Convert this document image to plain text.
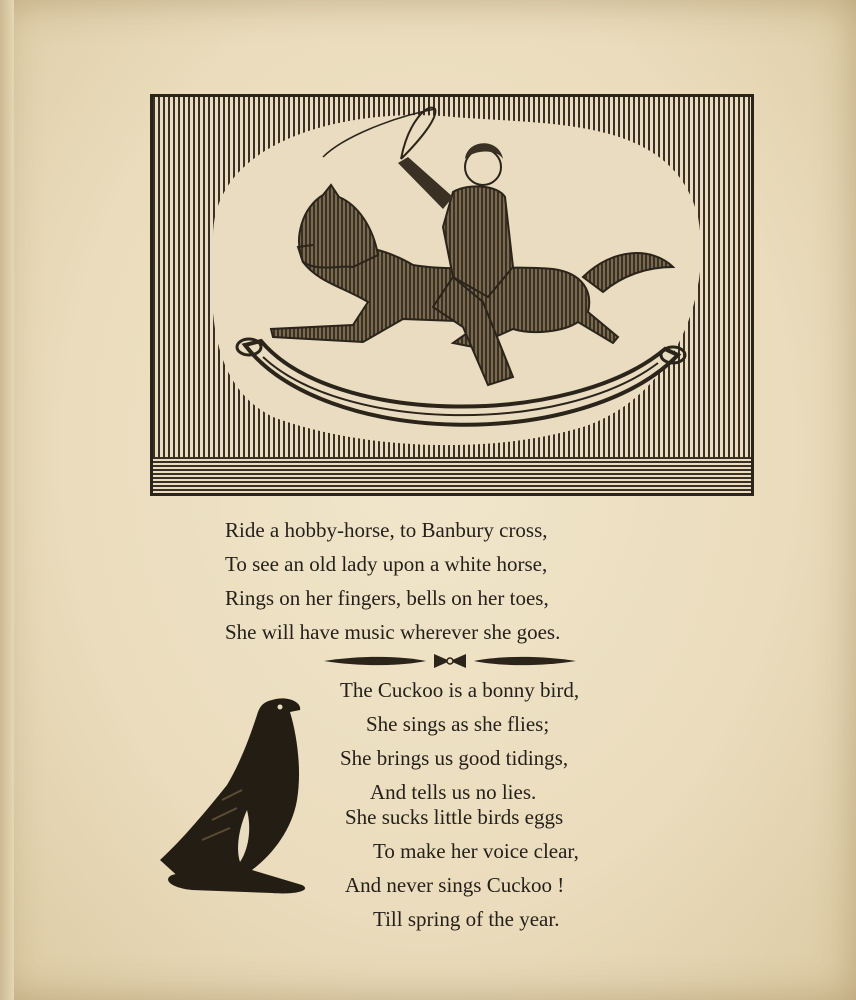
Ride a hobby-horse, to Banbury cross,

To see an old lady upon a white horse,

Rings on her fingers, bells on her toes,

She will have music wherever she goes.

The Cuckoo is a bonny bird,

She sings as she flies;

She brings us good tidings,

And tells us no lies.

She sucks little birds eggs

To make her voice clear,

And never sings Cuckoo !

Till spring of the year.
